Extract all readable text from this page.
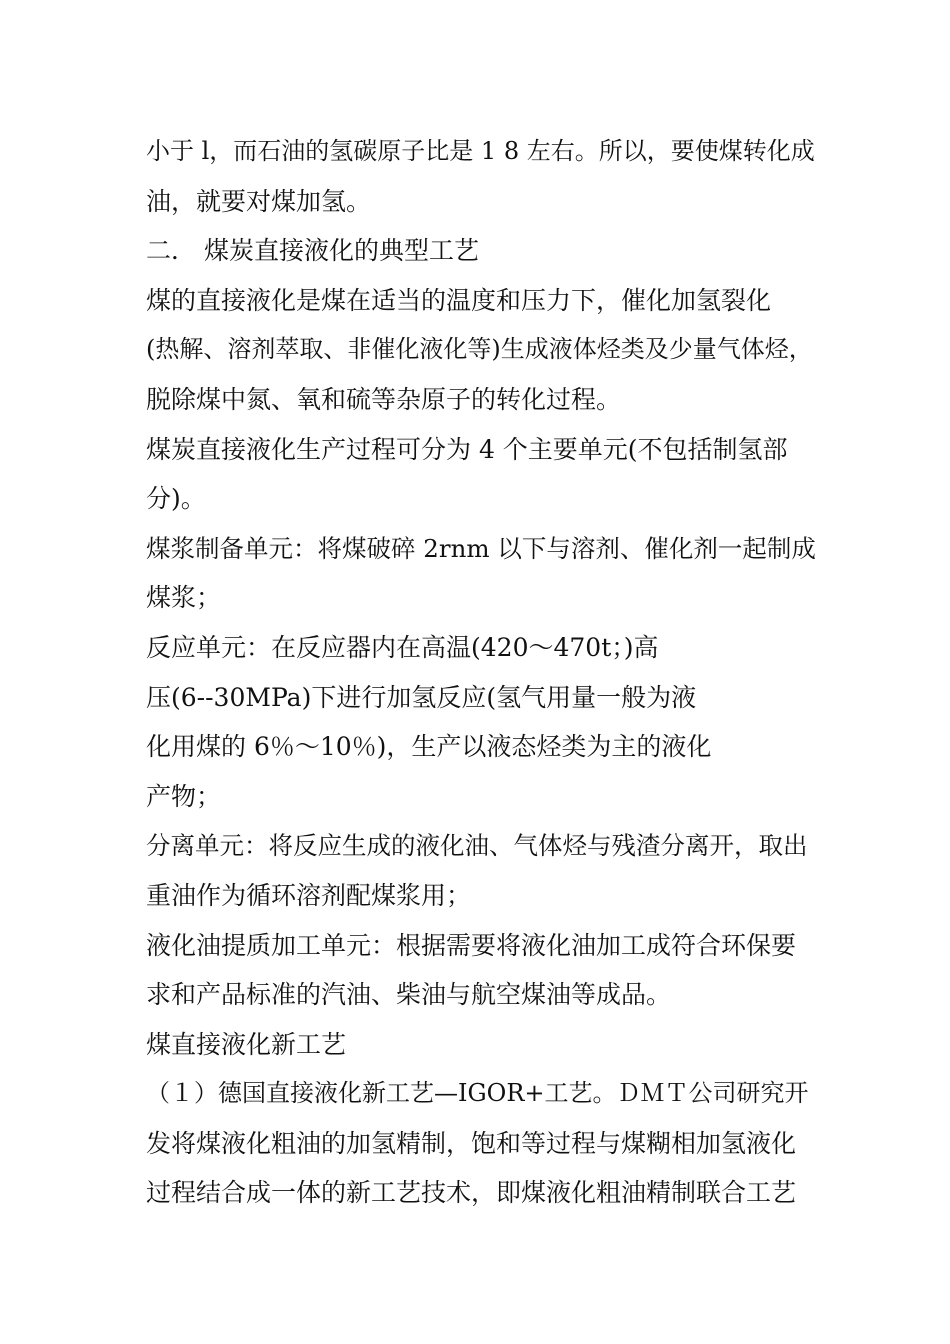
小于 l，而石油的氢碳原子比是 1 8 左右。所以，要使煤转化成
油，就要对煤加氢。
二． 煤炭直接液化的典型工艺
煤的直接液化是煤在适当的温度和压力下，催化加氢裂化
(热解、溶剂萃取、非催化液化等)生成液体烃类及少量气体烃，
脱除煤中氮、氧和硫等杂原子的转化过程。
煤炭直接液化生产过程可分为 4 个主要单元(不包括制氢部
分)。
煤浆制备单元：将煤破碎 2rnm 以下与溶剂、催化剂一起制成
煤浆；
反应单元：在反应器内在高温(420～470t；)高
压(6--30MPa)下进行加氢反应(氢气用量一般为液
化用煤的 6％～10％)，生产以液态烃类为主的液化
产物；
分离单元：将反应生成的液化油、气体烃与残渣分离开，取出
重油作为循环溶剂配煤浆用；
液化油提质加工单元：根据需要将液化油加工成符合环保要
求和产品标准的汽油、柴油与航空煤油等成品。
煤直接液化新工艺
（１）德国直接液化新工艺—IGOR+工艺。ＤＭＴ公司研究开
发将煤液化粗油的加氢精制，饱和等过程与煤糊相加氢液化
过程结合成一体的新工艺技术，即煤液化粗油精制联合工艺
